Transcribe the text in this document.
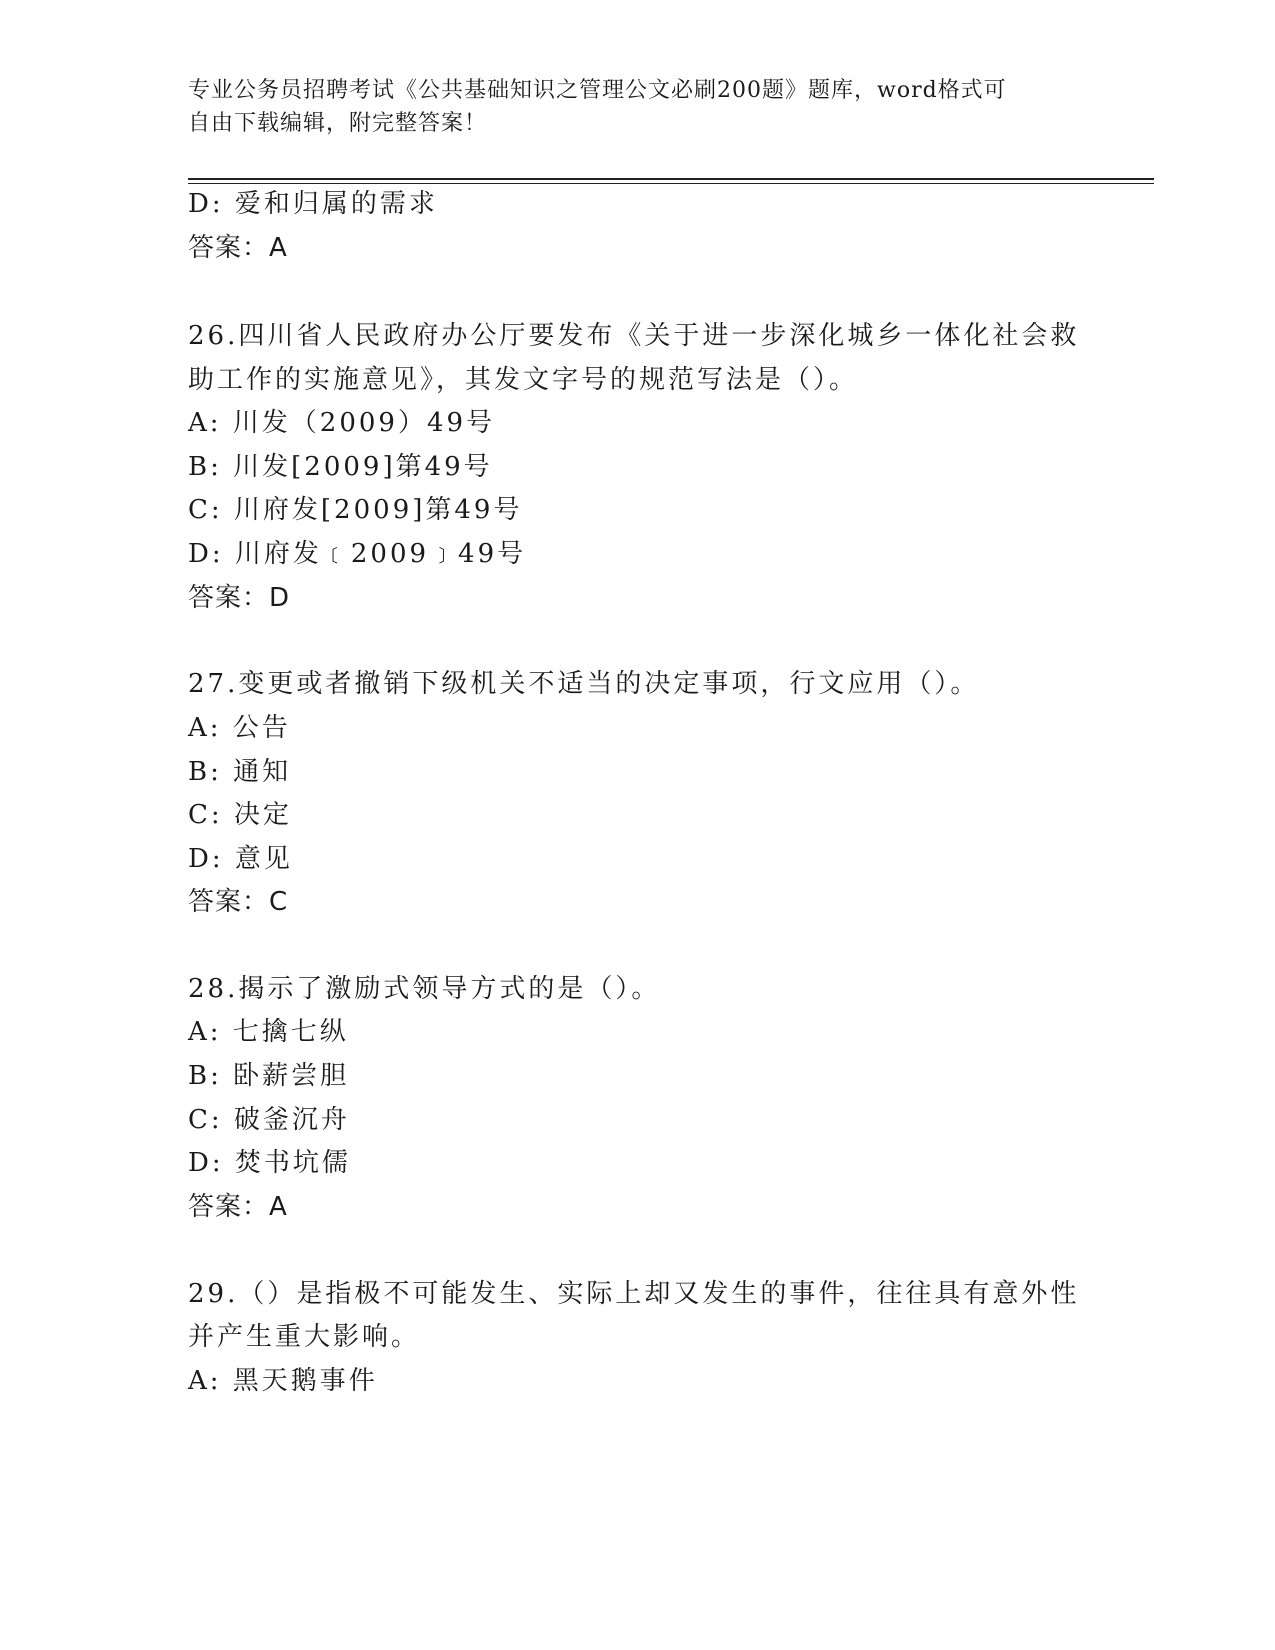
专业公务员招聘考试《公共基础知识之管理公文必刷200题》题库，word格式可
自由下载编辑，附完整答案！
D: 爱和归属的需求
答案：A
26.四川省人民政府办公厅要发布《关于进一步深化城乡一体化社会救
助工作的实施意见》，其发文字号的规范写法是（）。
A: 川发（2009）49号
B: 川发[2009]第49号
C: 川府发[2009]第49号
D: 川府发﹝2009﹞49号
答案：D
27.变更或者撤销下级机关不适当的决定事项，行文应用（）。
A: 公告
B: 通知
C: 决定
D: 意见
答案：C
28.揭示了激励式领导方式的是（）。
A: 七擒七纵
B: 卧薪尝胆
C: 破釜沉舟
D: 焚书坑儒
答案：A
29.（）是指极不可能发生、实际上却又发生的事件，往往具有意外性
并产生重大影响。
A: 黑天鹅事件
